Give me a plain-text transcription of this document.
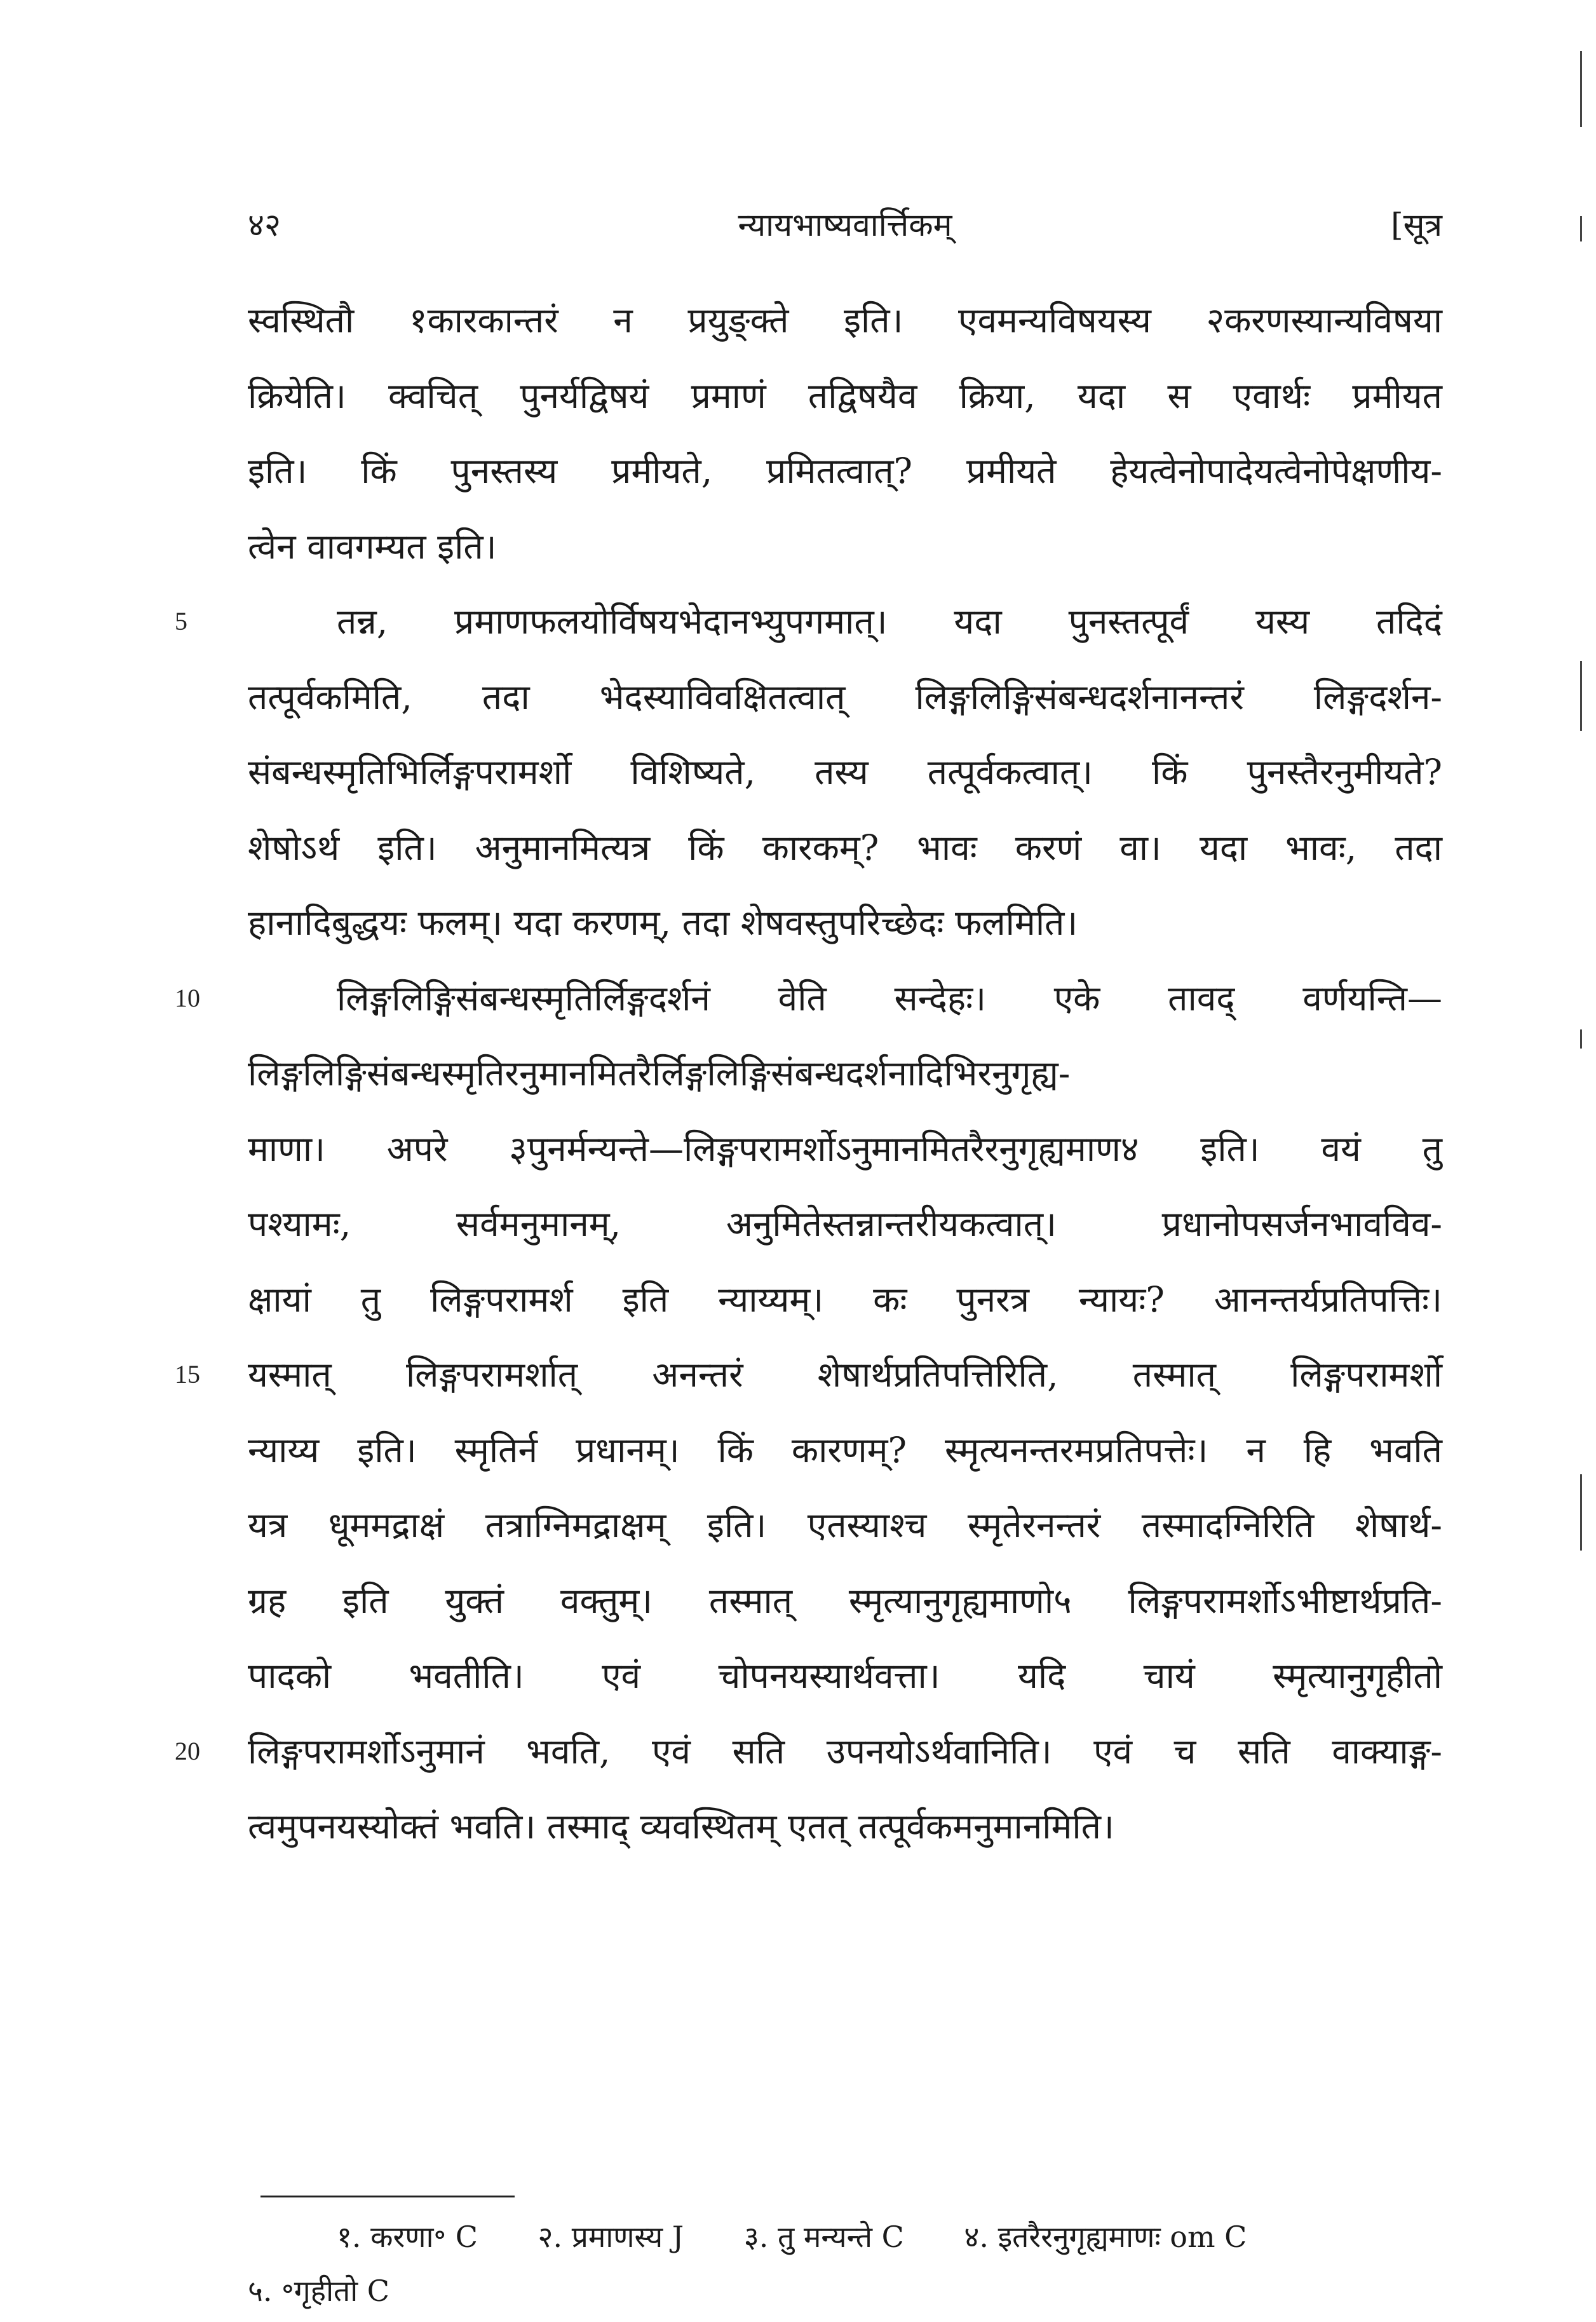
४२	न्यायभाष्यवार्त्तिकम्	[सूत्र
स्वस्थितौ १कारकान्तरं न प्रयुङ्क्ते इति। एवमन्यविषयस्य २करणस्यान्यविषया
क्रियेति। क्वचित् पुनर्यद्विषयं प्रमाणं तद्विषयैव क्रिया, यदा स एवार्थः प्रमीयत
इति। किं पुनस्तस्य प्रमीयते, प्रमितत्वात्? प्रमीयते हेयत्वेनोपादेयत्वेनोपेक्षणीय-
त्वेन वावगम्यत इति।
तन्न, प्रमाणफलयोर्विषयभेदानभ्युपगमात्। यदा पुनस्तत्पूर्वं यस्य तदिदं
5
तत्पूर्वकमिति, तदा भेदस्याविवक्षितत्वात् लिङ्गलिङ्गिसंबन्धदर्शनानन्तरं लिङ्गदर्शन-
संबन्धस्मृतिभिर्लिङ्गपरामर्शो विशिष्यते, तस्य तत्पूर्वकत्वात्। किं पुनस्तैरनुमीयते?
शेषोऽर्थ इति। अनुमानमित्यत्र किं कारकम्? भावः करणं वा। यदा भावः, तदा
हानादिबुद्धयः फलम्। यदा करणम्, तदा शेषवस्तुपरिच्छेदः फलमिति।
लिङ्गलिङ्गिसंबन्धस्मृतिर्लिङ्गदर्शनं वेति सन्देहः। एके तावद् वर्णयन्ति—
10
लिङ्गलिङ्गिसंबन्धस्मृतिरनुमानमितरैर्लिङ्गलिङ्गिसंबन्धदर्शनादिभिरनुगृह्य-
माणा। अपरे ३पुनर्मन्यन्ते—लिङ्गपरामर्शोऽनुमानमितरैरनुगृह्यमाण४ इति। वयं तु
पश्यामः, सर्वमनुमानम्, अनुमितेस्तन्नान्तरीयकत्वात्। प्रधानोपसर्जनभावविव-
क्षायां तु लिङ्गपरामर्श इति न्याय्यम्। कः पुनरत्र न्यायः? आनन्तर्यप्रतिपत्तिः।
यस्मात् लिङ्गपरामर्शात् अनन्तरं शेषार्थप्रतिपत्तिरिति, तस्मात् लिङ्गपरामर्शो
15
न्याय्य इति। स्मृतिर्न प्रधानम्। किं कारणम्? स्मृत्यनन्तरमप्रतिपत्तेः। न हि भवति
यत्र धूममद्राक्षं तत्राग्निमद्राक्षम् इति। एतस्याश्च स्मृतेरनन्तरं तस्मादग्निरिति शेषार्थ-
ग्रह इति युक्तं वक्तुम्। तस्मात् स्मृत्यानुगृह्यमाणो५ लिङ्गपरामर्शोऽभीष्टार्थप्रति-
पादको भवतीति। एवं चोपनयस्यार्थवत्ता। यदि चायं स्मृत्यानुगृहीतो
लिङ्गपरामर्शोऽनुमानं भवति, एवं सति उपनयोऽर्थवानिति। एवं च सति वाक्याङ्ग-
20
त्वमुपनयस्योक्तं भवति। तस्माद् व्यवस्थितम् एतत् तत्पूर्वकमनुमानमिति।
१. करणा॰ C २. प्रमाणस्य J ३. तु मन्यन्ते C ४. इतरैरनुगृह्यमाणः om C
५. ॰गृहीतो C
